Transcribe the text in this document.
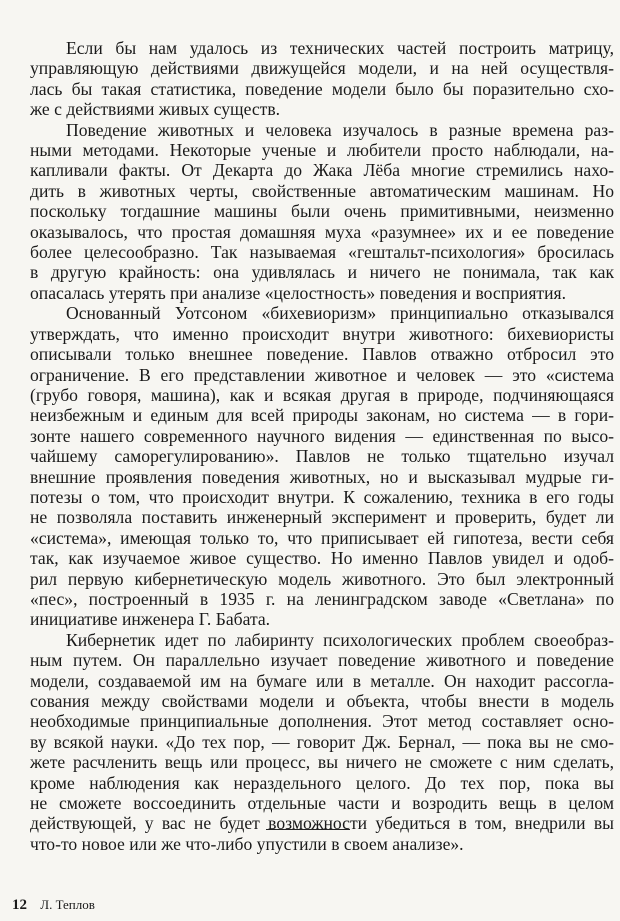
Если бы нам удалось из технических частей построить матрицу,
управляющую действиями движущейся модели, и на ней осуществля-
лась бы такая статистика, поведение модели было бы поразительно схо-
же с действиями живых существ.

Поведение животных и человека изучалось в разные времена раз-
ными методами. Некоторые ученые и любители просто наблюдали, на-
капливали факты. От Декарта до Жака Лёба многие стремились нахо-
дить в животных черты, свойственные автоматическим машинам. Но
поскольку тогдашние машины были очень примитивными, неизменно
оказывалось, что простая домашняя муха «разумнее» их и ее поведение
более целесообразно. Так называемая «гештальт-психология» бросилась
в другую крайность: она удивлялась и ничего не понимала, так как
опасалась утерять при анализе «целостность» поведения и восприятия.

Основанный Уотсоном «бихевиоризм» принципиально отказывался
утверждать, что именно происходит внутри животного: бихевиористы
описывали только внешнее поведение. Павлов отважно отбросил это
ограничение. В его представлении животное и человек — это «система
(грубо говоря, машина), как и всякая другая в природе, подчиняющаяся
неизбежным и единым для всей природы законам, но система — в гори-
зонте нашего современного научного видения — единственная по высо-
чайшему саморегулированию». Павлов не только тщательно изучал
внешние проявления поведения животных, но и высказывал мудрые ги-
потезы о том, что происходит внутри. К сожалению, техника в его годы
не позволяла поставить инженерный эксперимент и проверить, будет ли
«система», имеющая только то, что приписывает ей гипотеза, вести себя
так, как изучаемое живое существо. Но именно Павлов увидел и одоб-
рил первую кибернетическую модель животного. Это был электронный
«пес», построенный в 1935 г. на ленинградском заводе «Светлана» по
инициативе инженера Г. Бабата.

Кибернетик идет по лабиринту психологических проблем своеобраз-
ным путем. Он параллельно изучает поведение животного и поведение
модели, создаваемой им на бумаге или в металле. Он находит рассогла-
сования между свойствами модели и объекта, чтобы внести в модель
необходимые принципиальные дополнения. Этот метод составляет осно-
ву всякой науки. «До тех пор, — говорит Дж. Бернал, — пока вы не смо-
жете расчленить вещь или процесс, вы ничего не сможете с ним сделать,
кроме наблюдения как нераздельного целого. До тех пор, пока вы
не сможете воссоединить отдельные части и возродить вещь в целом
действующей, у вас не будет возможности убедиться в том, внедрили вы
что-то новое или же что-либо упустили в своем анализе».

12 Л. Теплов
